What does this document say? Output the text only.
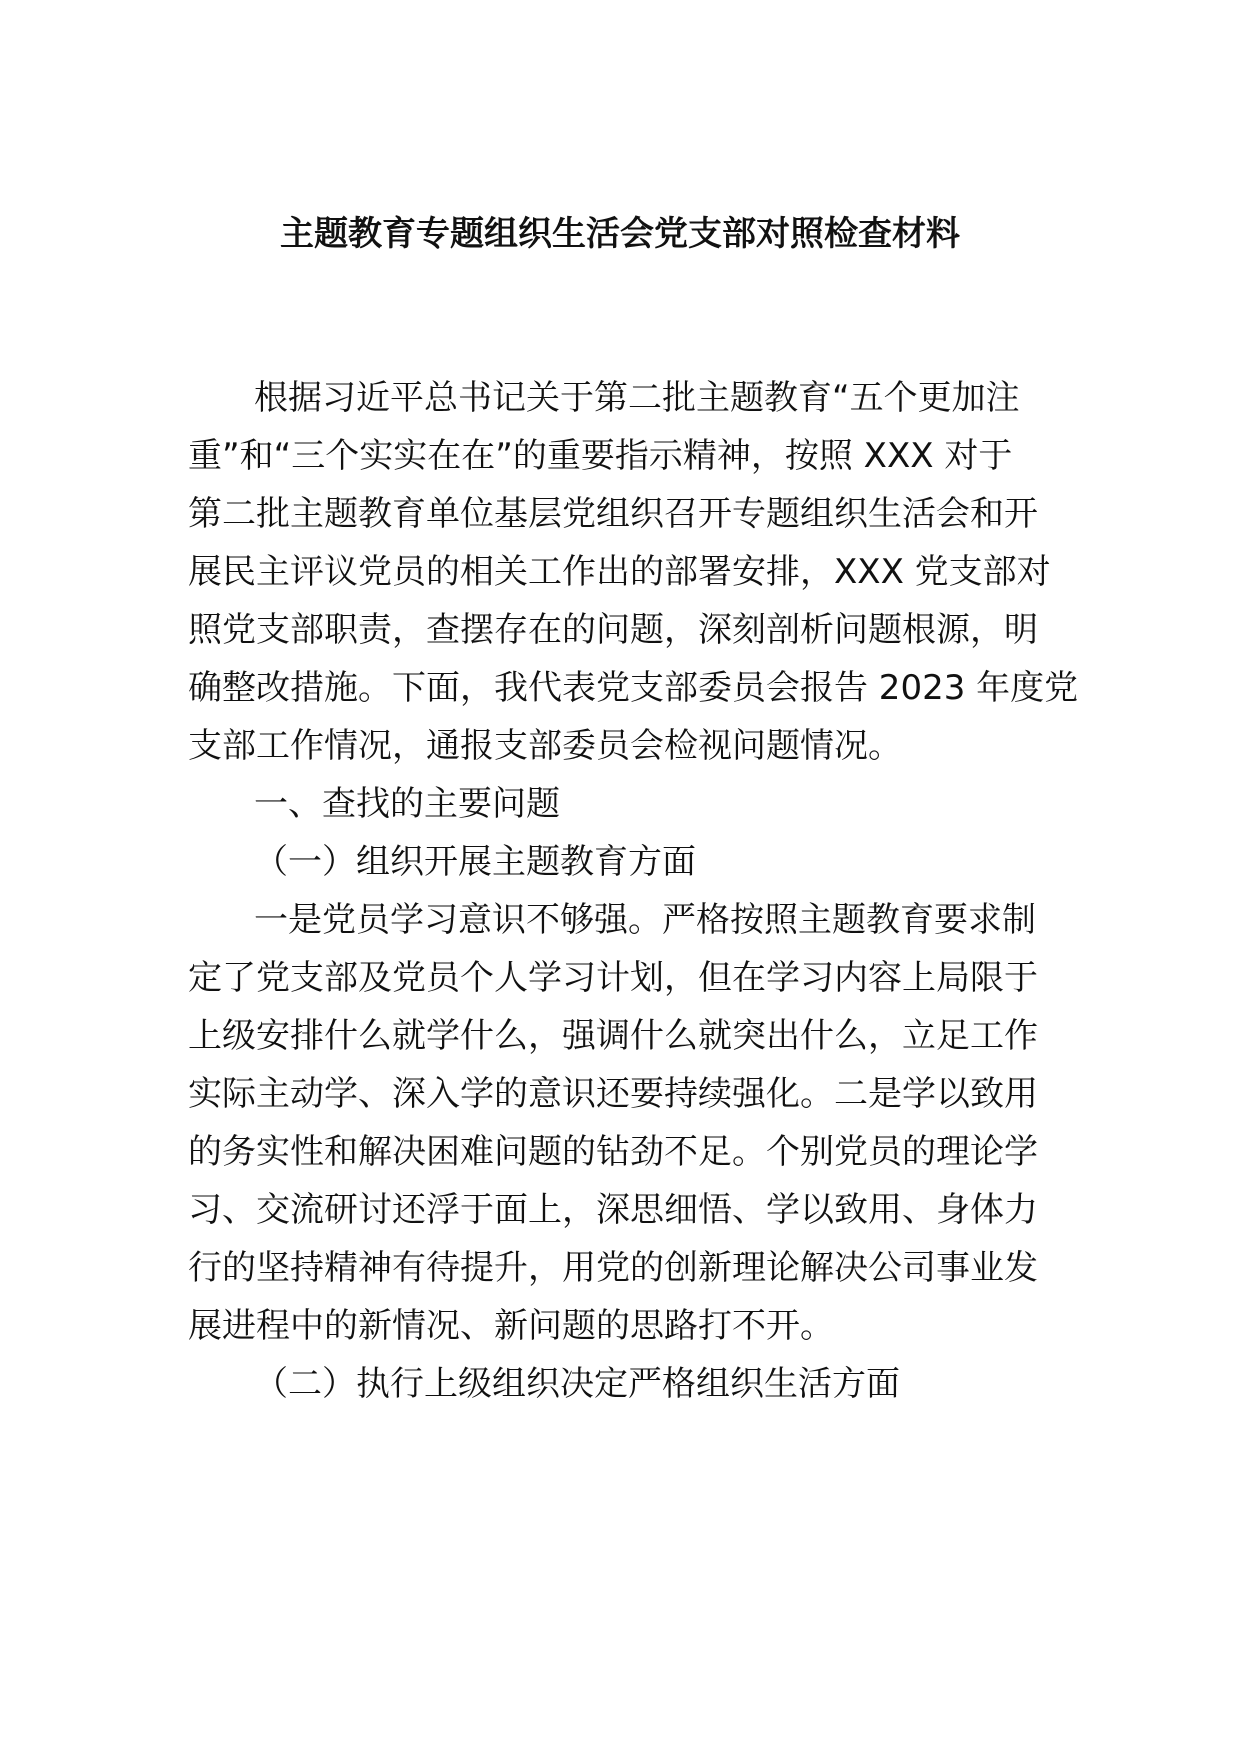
主题教育专题组织生活会党支部对照检查材料

根据习近平总书记关于第二批主题教育“五个更加注

重”和“三个实实在在”的重要指示精神，按照 XXX 对于

第二批主题教育单位基层党组织召开专题组织生活会和开

展民主评议党员的相关工作出的部署安排，XXX 党支部对

照党支部职责，查摆存在的问题，深刻剖析问题根源，明

确整改措施。下面，我代表党支部委员会报告 2023 年度党

支部工作情况，通报支部委员会检视问题情况。

一、查找的主要问题

（一）组织开展主题教育方面

一是党员学习意识不够强。严格按照主题教育要求制

定了党支部及党员个人学习计划，但在学习内容上局限于

上级安排什么就学什么，强调什么就突出什么，立足工作

实际主动学、深入学的意识还要持续强化。二是学以致用

的务实性和解决困难问题的钻劲不足。个别党员的理论学

习、交流研讨还浮于面上，深思细悟、学以致用、身体力

行的坚持精神有待提升，用党的创新理论解决公司事业发

展进程中的新情况、新问题的思路打不开。

（二）执行上级组织决定严格组织生活方面
